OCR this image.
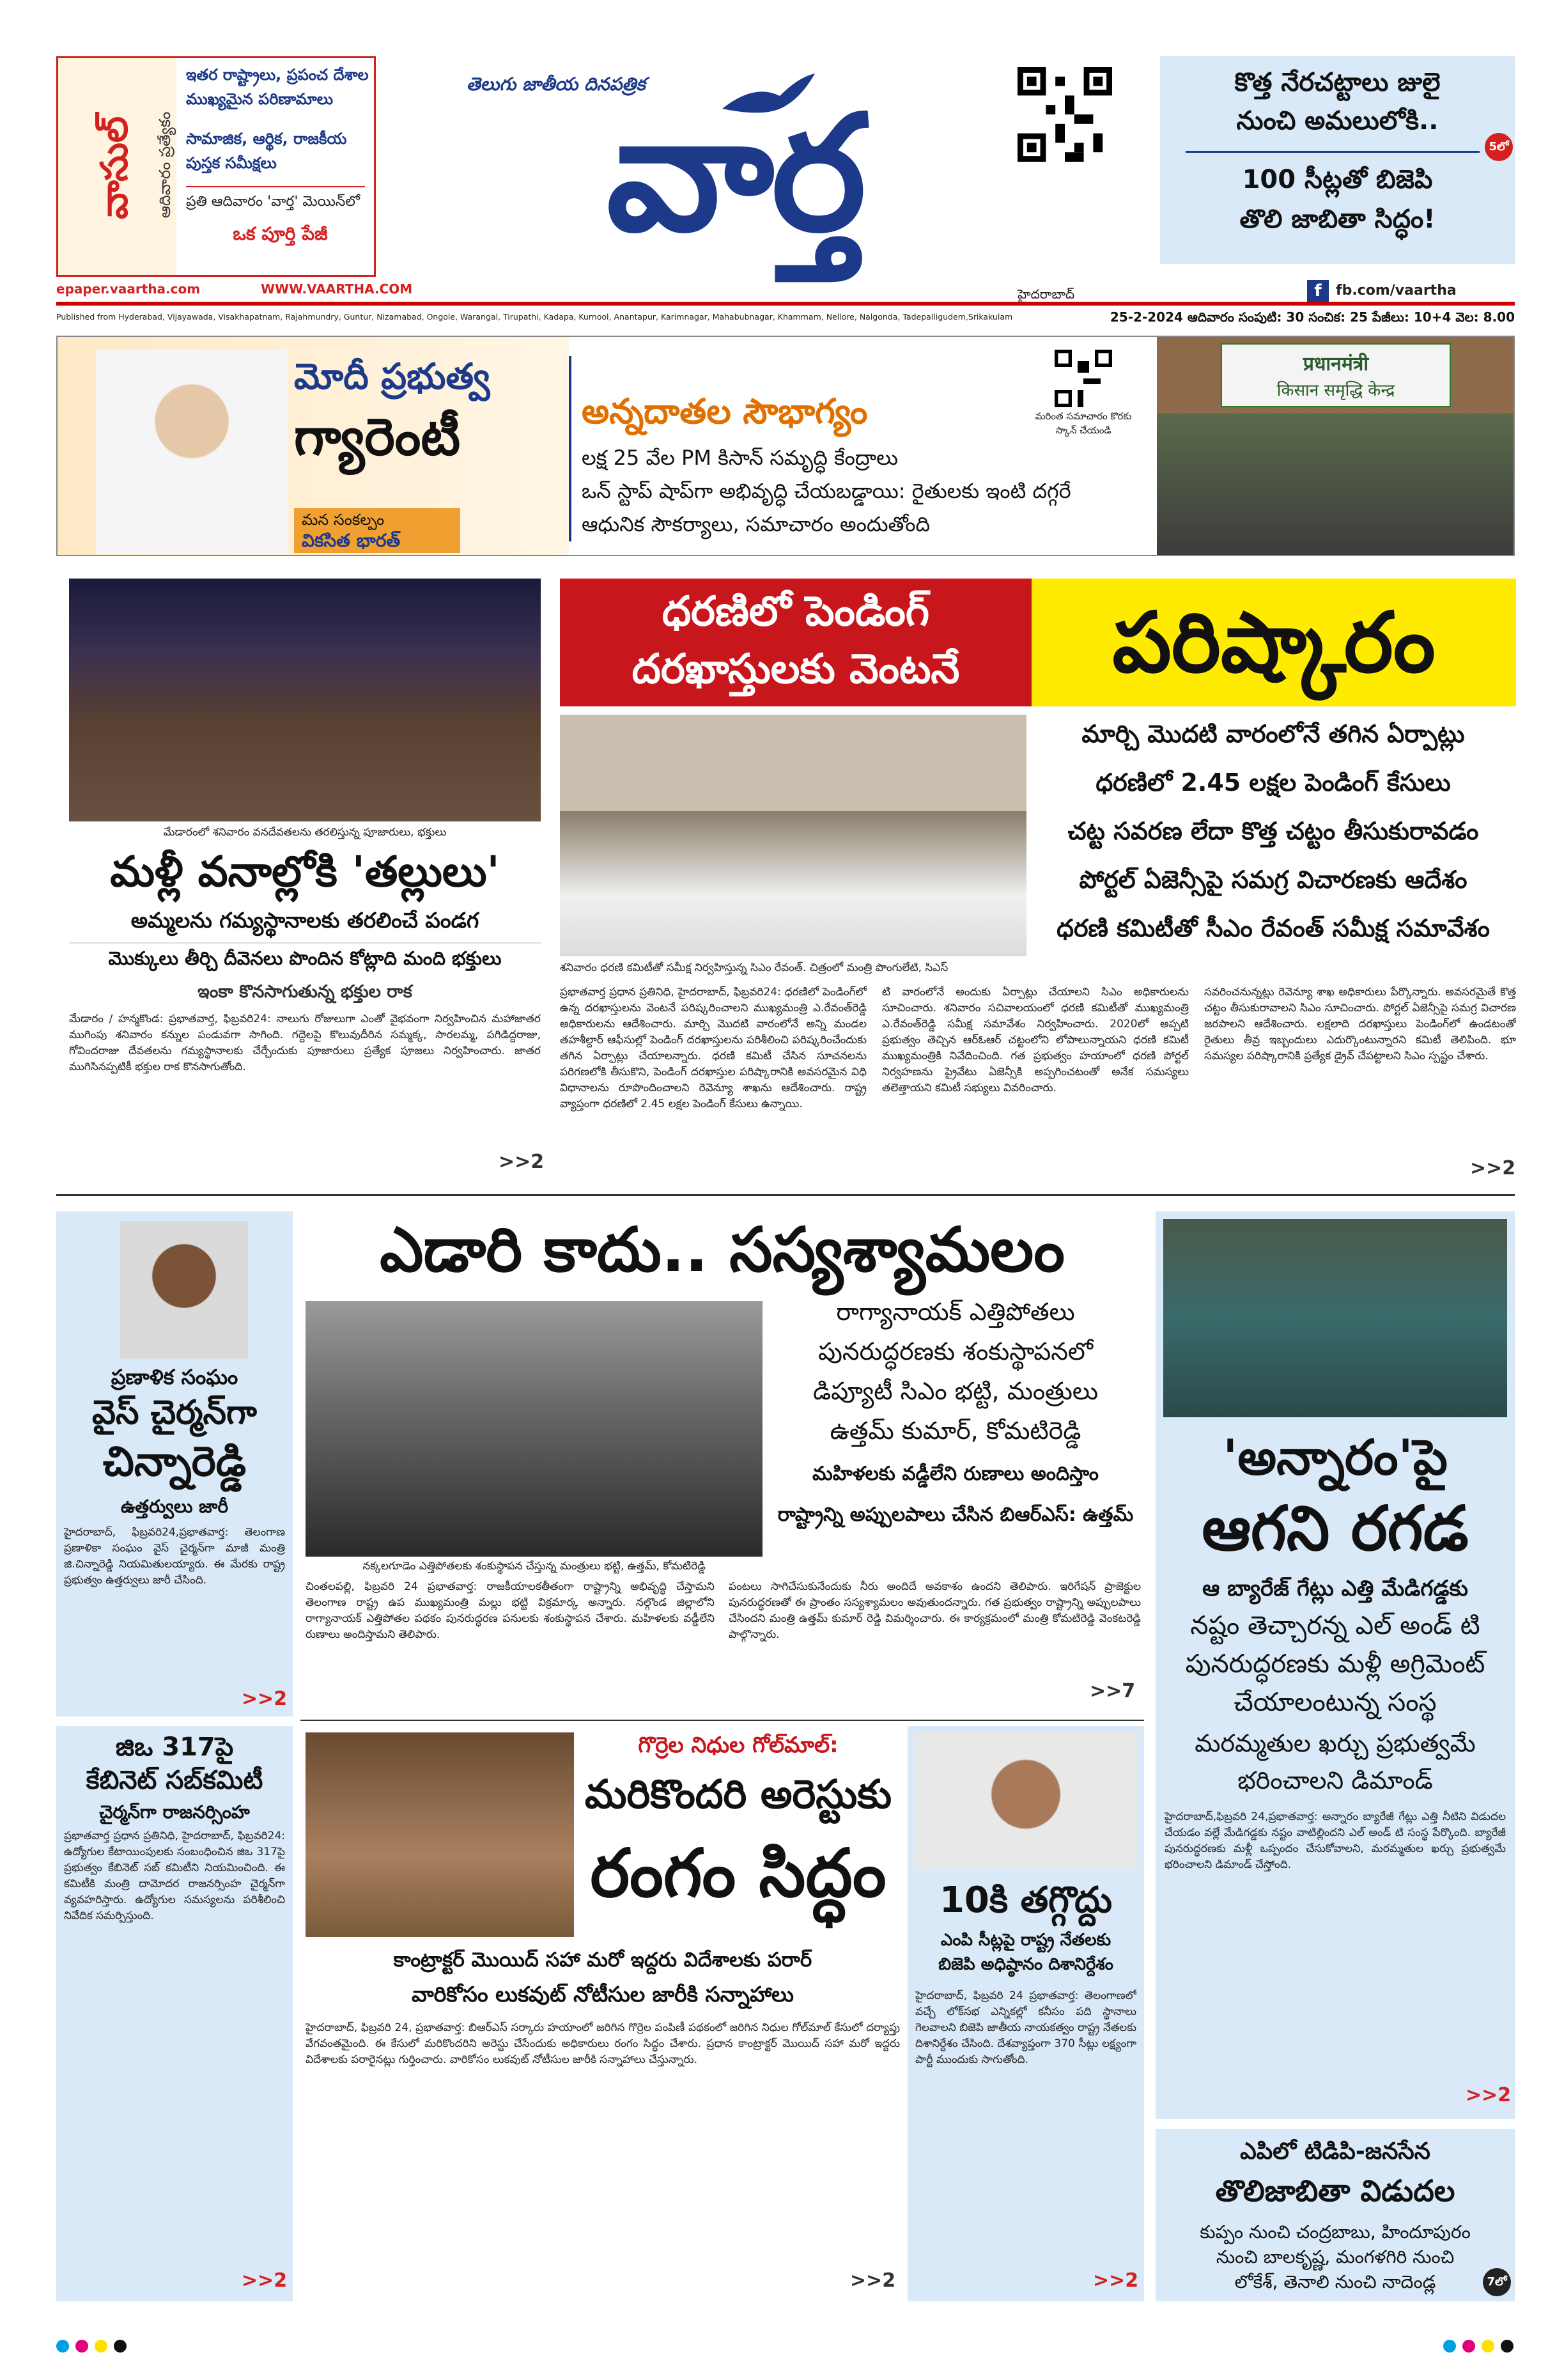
వాసుల్	ఆదివారం ప్రత్యేకం
ఇతర రాష్ట్రాలు, ప్రపంచ దేశాల
ముఖ్యమైన పరిణామాలు
సామాజిక, ఆర్థిక, రాజకీయ
పుస్తక సమీక్షలు
ప్రతి ఆదివారం 'వార్త' మెయిన్‌లో
ఒక పూర్తి పేజీ
epaper.vaartha.com	WWW.VAARTHA.COM
తెలుగు జాతీయ దినపత్రిక
వార్త	కొత్త నేరచట్టాలు జులై
నుంచి అమలులోకి..
100 సీట్లతో బిజెపి
తొలి జాబితా సిద్ధం!
5లో
హైదరాబాద్	f	fb.com/vaartha
Published from Hyderabad, Vijayawada, Visakhapatnam, Rajahmundry, Guntur, Nizamabad, Ongole, Warangal, Tirupathi, Kadapa, Kurnool, Anantapur, Karimnagar, Mahabubnagar, Khammam, Nellore, Nalgonda, Tadepalligudem,Srikakulam	25-2-2024 ఆదివారం సంపుటి: 30 సంచిక: 25 పేజీలు: 10+4 వెల: 8.00
మోదీ ప్రభుత్వ
గ్యారెంటీ
మన సంకల్పం
వికసిత భారత్
అన్నదాతల సౌభాగ్యం
లక్ష 25 వేల PM కిసాన్ సమృద్ధి కేంద్రాలు
ఒన్ స్టాప్ షాప్‌గా అభివృద్ధి చేయబడ్డాయి: రైతులకు ఇంటి దగ్గరే
ఆధునిక సౌకర్యాలు, సమాచారం అందుతోంది
మరింత సమాచారం కొరకు స్కాన్ చేయండి
प्रधानमंत्री
किसान समृद्धि केन्द्र
మేడారంలో శనివారం వనదేవతలను తరలిస్తున్న పూజారులు, భక్తులు
మళ్లీ వనాల్లోకి 'తల్లులు'
అమ్మలను గమ్యస్థానాలకు తరలించే పండగ
మొక్కులు తీర్చి దీవెనలు పొందిన కోట్లాది మంది భక్తులు
ఇంకా కొనసాగుతున్న భక్తుల రాక
మేడారం / హన్మకొండ: ప్రభాతవార్త, ఫిబ్రవరి24: నాలుగు రోజులుగా ఎంతో వైభవంగా నిర్వహించిన మహాజాతర ముగింపు శనివారం కన్నుల పండువగా సాగింది. గద్దెలపై కొలువుదీరిన సమ్మక్క, సారలమ్మ, పగిడిద్దరాజు, గోవిందరాజు దేవతలను గమ్యస్థానాలకు చేర్చేందుకు పూజారులు ప్రత్యేక పూజలు నిర్వహించారు. జాతర ముగిసినప్పటికీ భక్తుల రాక కొనసాగుతోంది.
>>2
ధరణిలో పెండింగ్
దరఖాస్తులకు వెంటనే	పరిష్కారం
మార్చి మొదటి వారంలోనే తగిన ఏర్పాట్లు
ధరణిలో 2.45 లక్షల పెండింగ్ కేసులు
చట్ట సవరణ లేదా కొత్త చట్టం తీసుకురావడం
పోర్టల్ ఏజెన్సీపై సమగ్ర విచారణకు ఆదేశం
ధరణి కమిటీతో సీఎం రేవంత్ సమీక్ష సమావేశం
శనివారం ధరణి కమిటీతో సమీక్ష నిర్వహిస్తున్న సిఎం రేవంత్. చిత్రంలో మంత్రి పొంగులేటి, సిఎస్
ప్రభాతవార్త ప్రధాన ప్రతినిధి, హైదరాబాద్, ఫిబ్రవరి24: ధరణిలో పెండింగ్‌లో ఉన్న దరఖాస్తులను వెంటనే పరిష్కరించాలని ముఖ్యమంత్రి ఎ.రేవంత్‌రెడ్డి అధికారులను ఆదేశించారు. మార్చి మొదటి వారంలోనే అన్ని మండల తహశీల్దార్ ఆఫీసుల్లో పెండింగ్ దరఖాస్తులను పరిశీలించి పరిష్కరించేందుకు తగిన ఏర్పాట్లు చేయాలన్నారు. ధరణి కమిటీ చేసిన సూచనలను పరిగణలోకి తీసుకొని, పెండింగ్ దరఖాస్తుల పరిష్కారానికి అవసరమైన విధి విధానాలను రూపొందించాలని రెవెన్యూ శాఖను ఆదేశించారు. రాష్ట్ర వ్యాప్తంగా ధరణిలో 2.45 లక్షల పెండింగ్ కేసులు ఉన్నాయి.
టి వారంలోనే అందుకు ఏర్పాట్లు చేయాలని సిఎం అధికారులను సూచించారు. శనివారం సచివాలయంలో ధరణి కమిటీతో ముఖ్యమంత్రి ఎ.రేవంత్‌రెడ్డి సమీక్ష సమావేశం నిర్వహించారు. 2020లో అప్పటి ప్రభుత్వం తెచ్చిన ఆర్‌ఓఆర్ చట్టంలోని లోపాలున్నాయని ధరణి కమిటీ ముఖ్యమంత్రికి నివేదించింది. గత ప్రభుత్వం హయాంలో ధరణి పోర్టల్ నిర్వహణను ప్రైవేటు ఏజెన్సీకి అప్పగించటంతో అనేక సమస్యలు తలెత్తాయని కమిటీ సభ్యులు వివరించారు.
సవరించనున్నట్లు రెవెన్యూ శాఖ అధికారులు పేర్కొన్నారు. అవసరమైతే కొత్త చట్టం తీసుకురావాలని సిఎం సూచించారు. పోర్టల్ ఏజెన్సీపై సమగ్ర విచారణ జరపాలని ఆదేశించారు. లక్షలాది దరఖాస్తులు పెండింగ్‌లో ఉండటంతో రైతులు తీవ్ర ఇబ్బందులు ఎదుర్కొంటున్నారని కమిటీ తెలిపింది. భూ సమస్యల పరిష్కారానికి ప్రత్యేక డ్రైవ్ చేపట్టాలని సిఎం స్పష్టం చేశారు.
>>2
ప్రణాళిక సంఘం
వైస్ చైర్మన్‌గా
చిన్నారెడ్డి
ఉత్తర్వులు జారీ
హైదరాబాద్, ఫిబ్రవరి24,ప్రభాతవార్త: తెలంగాణ ప్రణాళికా సంఘం వైస్ చైర్మన్‌గా మాజీ మంత్రి జి.చిన్నారెడ్డి నియమితులయ్యారు. ఈ మేరకు రాష్ట్ర ప్రభుత్వం ఉత్తర్వులు జారీ చేసింది.
>>2
జిఒ 317పై
కేబినెట్ సబ్‌కమిటీ
చైర్మన్‌గా రాజనర్సింహ
ప్రభాతవార్త ప్రధాన ప్రతినిధి, హైదరాబాద్, ఫిబ్రవరి24: ఉద్యోగుల కేటాయింపులకు సంబంధించిన జిఒ 317పై ప్రభుత్వం కేబినెట్ సబ్ కమిటీని నియమించింది. ఈ కమిటీకి మంత్రి దామోదర రాజనర్సింహ చైర్మన్‌గా వ్యవహరిస్తారు. ఉద్యోగుల సమస్యలను పరిశీలించి నివేదిక సమర్పిస్తుంది.
>>2
ఎడారి కాదు.. సస్యశ్యామలం
రాగ్యానాయక్ ఎత్తిపోతలు
పునరుద్ధరణకు శంకుస్థాపనలో
డిప్యూటీ సిఎం భట్టి, మంత్రులు
ఉత్తమ్ కుమార్, కోమటిరెడ్డి
మహిళలకు వడ్డీలేని రుణాలు అందిస్తాం
రాష్ట్రాన్ని అప్పులపాలు చేసిన బిఆర్ఎస్: ఉత్తమ్
నక్కలగూడెం ఎత్తిపోతలకు శంకుస్థాపన చేస్తున్న మంత్రులు భట్టి, ఉత్తమ్, కోమటిరెడ్డి
చింతలపల్లి, ఫిబ్రవరి 24 ప్రభాతవార్త: రాజకీయాలకతీతంగా రాష్ట్రాన్ని అభివృద్ధి చేస్తామని తెలంగాణ రాష్ట్ర ఉప ముఖ్యమంత్రి మల్లు భట్టి విక్రమార్క అన్నారు. నల్గొండ జిల్లాలోని రాగ్యానాయక్ ఎత్తిపోతల పథకం పునరుద్ధరణ పనులకు శంకుస్థాపన చేశారు. మహిళలకు వడ్డీలేని రుణాలు అందిస్తామని తెలిపారు.
పంటలు సాగిచేసుకునేందుకు నీరు అందిదే అవకాశం ఉందని తెలిపారు. ఇరిగేషన్ ప్రాజెక్టుల పునరుద్ధరణతో ఈ ప్రాంతం సస్యశ్యామలం అవుతుందన్నారు. గత ప్రభుత్వం రాష్ట్రాన్ని అప్పులపాలు చేసిందని మంత్రి ఉత్తమ్ కుమార్ రెడ్డి విమర్శించారు. ఈ కార్యక్రమంలో మంత్రి కోమటిరెడ్డి వెంకటరెడ్డి పాల్గొన్నారు.
>>7
గొర్రెల నిధుల గోల్‌మాల్:
మరికొందరి అరెస్టుకు
రంగం సిద్ధం
కాంట్రాక్టర్ మొయిద్ సహా మరో ఇద్దరు విదేశాలకు పరార్
వారికోసం లుకవుట్ నోటీసుల జారీకి సన్నాహాలు
హైదరాబాద్, ఫిబ్రవరి 24, ప్రభాతవార్త: బిఆర్ఎస్ సర్కారు హయాంలో జరిగిన గొర్రెల పంపిణీ పథకంలో జరిగిన నిధుల గోల్‌మాల్ కేసులో దర్యాప్తు వేగవంతమైంది. ఈ కేసులో మరికొందరిని అరెస్టు చేసేందుకు అధికారులు రంగం సిద్ధం చేశారు. ప్రధాన కాంట్రాక్టర్ మొయిద్ సహా మరో ఇద్దరు విదేశాలకు పరారైనట్లు గుర్తించారు. వారికోసం లుకవుట్ నోటీసుల జారీకి సన్నాహాలు చేస్తున్నారు.
>>2
10కి తగ్గొద్దు
ఎంపి సీట్లపై రాష్ట్ర నేతలకు
బిజెపి అధిష్ఠానం దిశానిర్దేశం
హైదరాబాద్, ఫిబ్రవరి 24 ప్రభాతవార్త: తెలంగాణలో వచ్చే లోక్‌సభ ఎన్నికల్లో కనీసం పది స్థానాలు గెలవాలని బిజెపి జాతీయ నాయకత్వం రాష్ట్ర నేతలకు దిశానిర్దేశం చేసింది. దేశవ్యాప్తంగా 370 సీట్లు లక్ష్యంగా పార్టీ ముందుకు సాగుతోంది.
>>2
'అన్నారం'పై
ఆగని రగడ
ఆ బ్యారేజ్ గేట్లు ఎత్తి మేడిగడ్డకు
నష్టం తెచ్చారన్న ఎల్ అండ్ టి
పునరుద్ధరణకు మళ్లీ అగ్రిమెంట్
చేయాలంటున్న సంస్థ
మరమ్మతుల ఖర్చు ప్రభుత్వమే
భరించాలని డిమాండ్
హైదరాబాద్,ఫిబ్రవరి 24,ప్రభాతవార్త: అన్నారం బ్యారేజీ గేట్లు ఎత్తి నీటిని విడుదల చేయడం వల్లే మేడిగడ్డకు నష్టం వాటిల్లిందని ఎల్ అండ్ టి సంస్థ పేర్కొంది. బ్యారేజీ పునరుద్ధరణకు మళ్లీ ఒప్పందం చేసుకోవాలని, మరమ్మతుల ఖర్చు ప్రభుత్వమే భరించాలని డిమాండ్ చేస్తోంది.
>>2
ఎపిలో టిడిపి-జనసేన
తొలిజాబితా విడుదల
కుప్పం నుంచి చంద్రబాబు, హిందూపురం
నుంచి బాలకృష్ణ, మంగళగిరి నుంచి
లోకేశ్, తెనాలి నుంచి నాదెండ్ల	7లో
